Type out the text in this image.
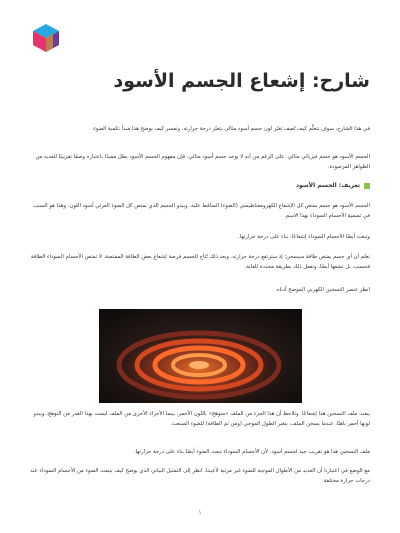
شارح: إشعاع الجسم الأسود

في هذا الشارح، سوف نتعلَّم كيف تُصِف تغيّر لون جسم أسود مثالي بتغيّر درجة حرارته، ونفسر كيف يوضح هذا مبدأ تكمية الضوء.

الجسم الأسود هو جسم فيزيائي مثالي. على الرغم من أنه لا يوجد جسم أسود مثالي، فإن مفهوم الجسم الأسود يظل مفيدًا باعتباره وصفًا تقريبيًا للعديد من الظواهر المرصودة.

تعريف: الجسم الأسود

الجسم الأسود هو جسم يمتص كل الإشعاع الكهرومغناطيسي (الضوء) الساقط عليه. ويبدو الجسم الذي يمتص كل الضوء العرئي أسود اللون، وهذا هو السبب في تسمية الأجسام السوداء بهذا الاسم.

وتبعث أيضًا الأجسام السوداء إشعاعًا، بناء على درجة حرارتها.

نعلم أن أي جسم يمتص طاقة سيسخن؛ إذ سترتفع درجة حرارته. وبعد ذلك تُتاح للجسم فرصة إشعاع بعض الطاقة الممتصة. لا تمتص الأجسام السوداء الطاقة فحسب، بل تشعها أيضًا، وتفعل ذلك بطريقة محددة للغاية.

انظر عنصر التسخين الكهربي الموضح أدناه.

يبعث ملف التسخين هذا إشعاعًا. وتلاحظ أن هذا الجزء من الملف «متوهج» باللون الأحمر، بينما الأجزاء الأخرى من الملف ليست بهذا القدر من التوهج، ويبدو لونها أحمر باهتًا. عندما يسخن الملف، يتغير الطول الموجي (ومن ثم الطاقة) للضوء المنبعث.

ملف التسخين هذا هو تقريب جيد لجسم أسود. لأن الأجسام السوداء تبعث الضوء أيضًا بناء على درجة حرارتها.

مع الوضع في اعتبارنا أن العديد من الأطوال الموجية للضوء غير مرئية لأعيننا، انظر إلى التمثيل البياني الذي يوضح كيف يتبعث الضوء من الأجسام السوداء عند درجات حرارة مختلفة.

١
